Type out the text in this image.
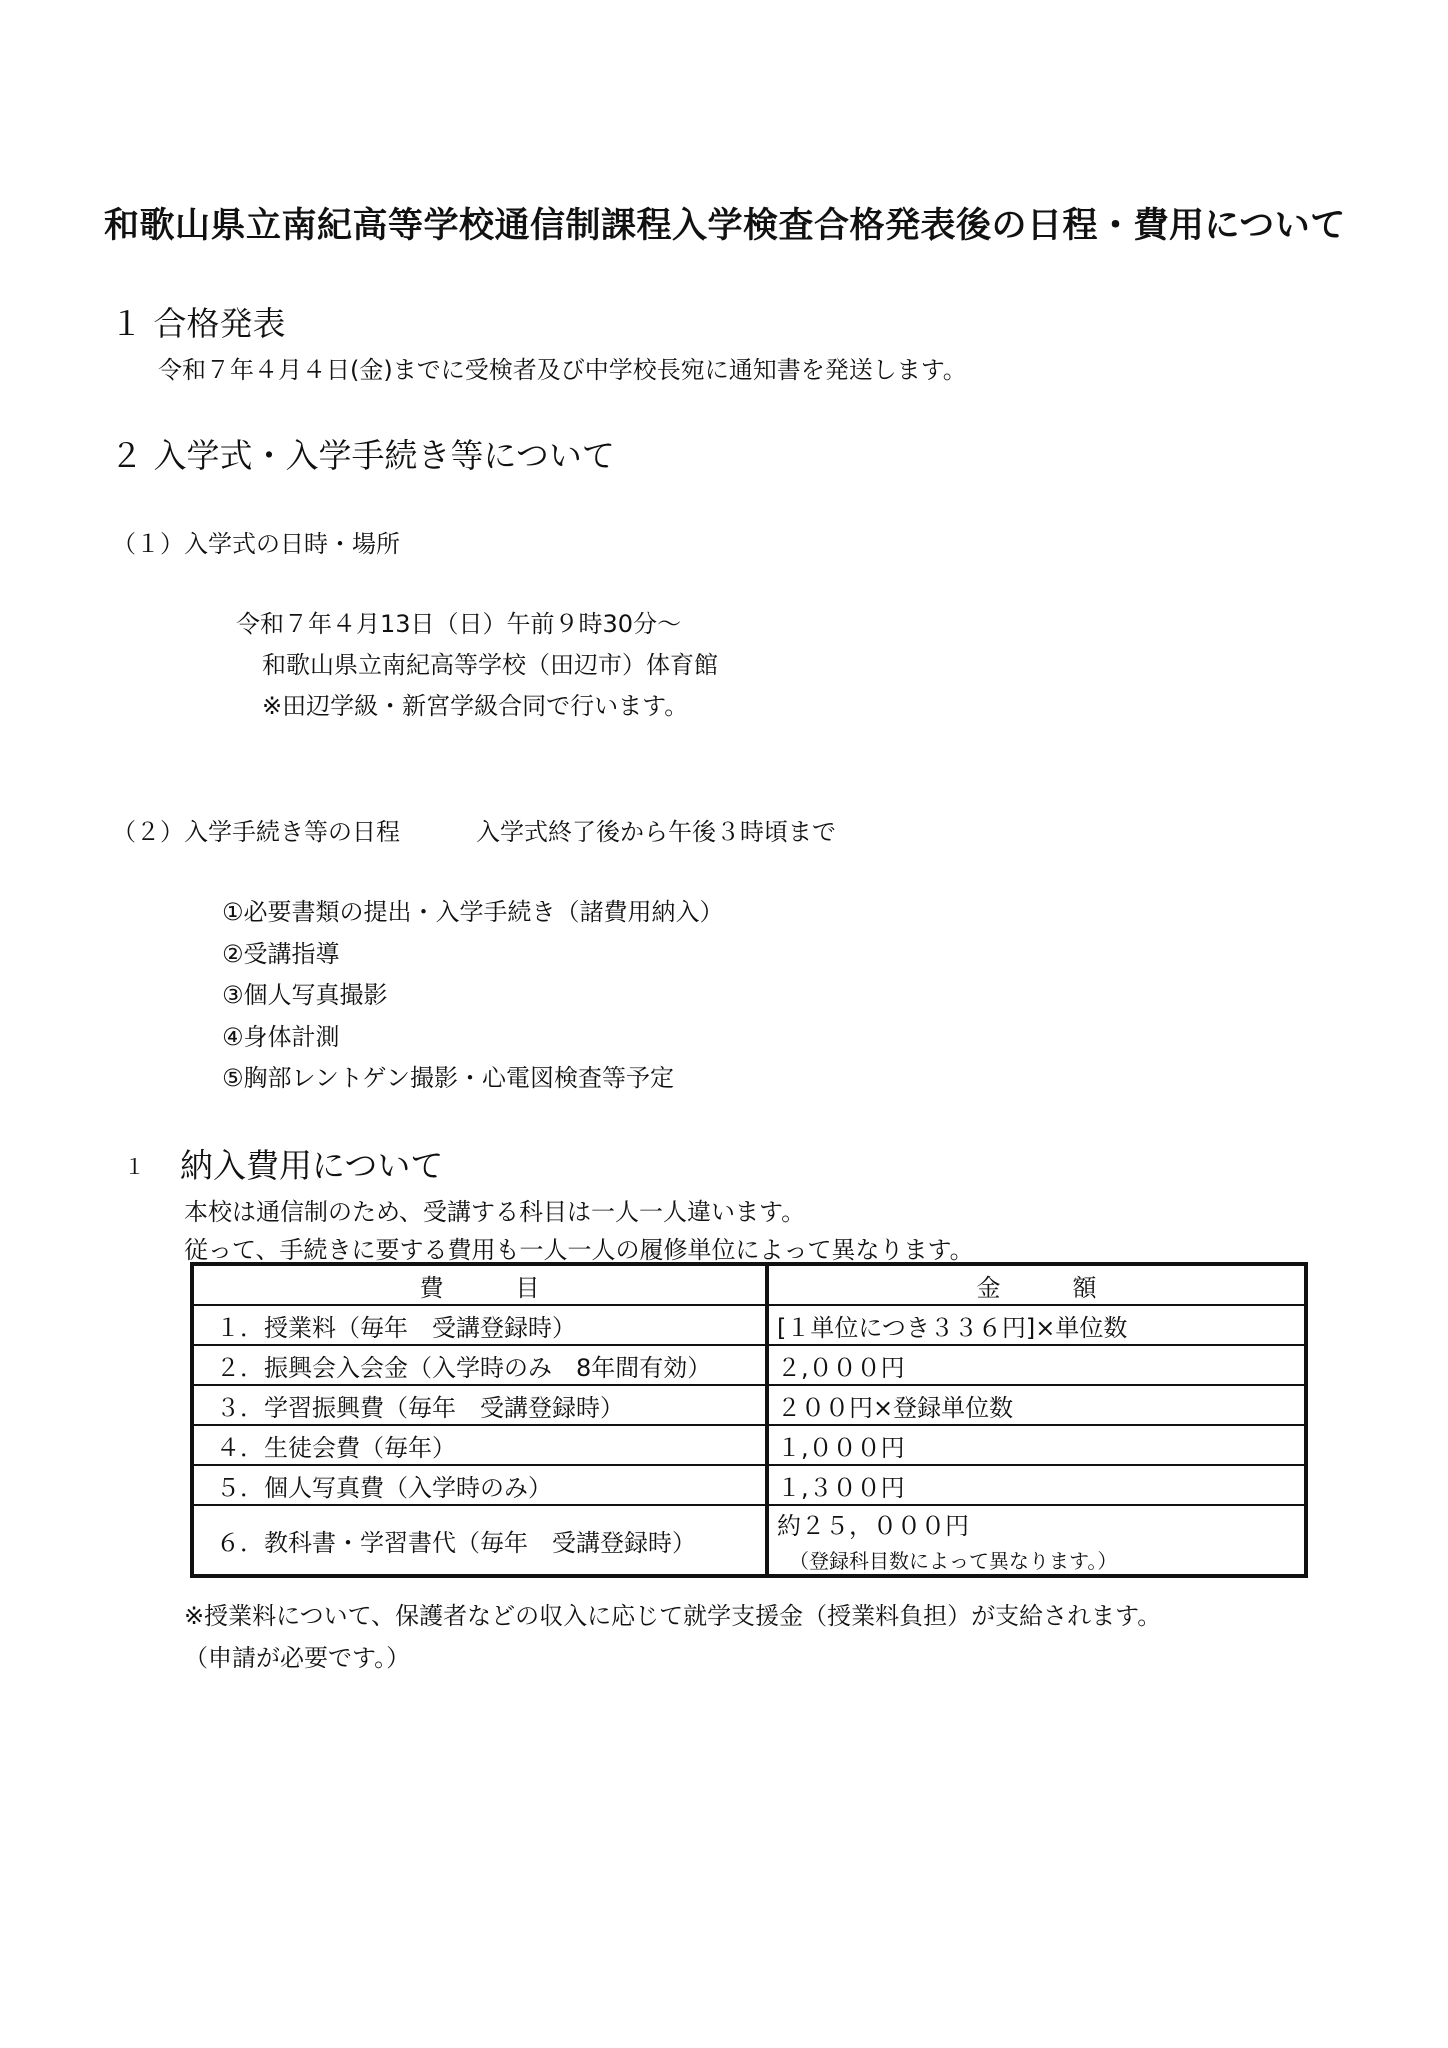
和歌山県立南紀高等学校通信制課程入学検査合格発表後の日程・費用について
１ 合格発表
令和７年４月４日(金)までに受検者及び中学校長宛に通知書を発送します。
２ 入学式・入学手続き等について
（１）入学式の日時・場所
令和７年４月13日（日）午前９時30分～
和歌山県立南紀高等学校（田辺市）体育館
※田辺学級・新宮学級合同で行います。
（２）入学手続き等の日程	入学式終了後から午後３時頃まで
①必要書類の提出・入学手続き（諸費用納入）
②受講指導
③個人写真撮影
④身体計測
⑤胸部レントゲン撮影・心電図検査等予定
１ 納入費用について
本校は通信制のため、受講する科目は一人一人違います。
従って、手続きに要する費用も一人一人の履修単位によって異なります。
費　　　目	金　　　額
１．授業料（毎年　受講登録時）	[１単位につき３３６円]×単位数
２．振興会入会金（入学時のみ　8年間有効）	２,０００円
３．学習振興費（毎年　受講登録時）	２００円×登録単位数
４．生徒会費（毎年）	１,０００円
５．個人写真費（入学時のみ）	１,３００円
６．教科書・学習書代（毎年　受講登録時）	約２５，０００円
（登録科目数によって異なります。）
※授業料について、保護者などの収入に応じて就学支援金（授業料負担）が支給されます。
（申請が必要です。）
